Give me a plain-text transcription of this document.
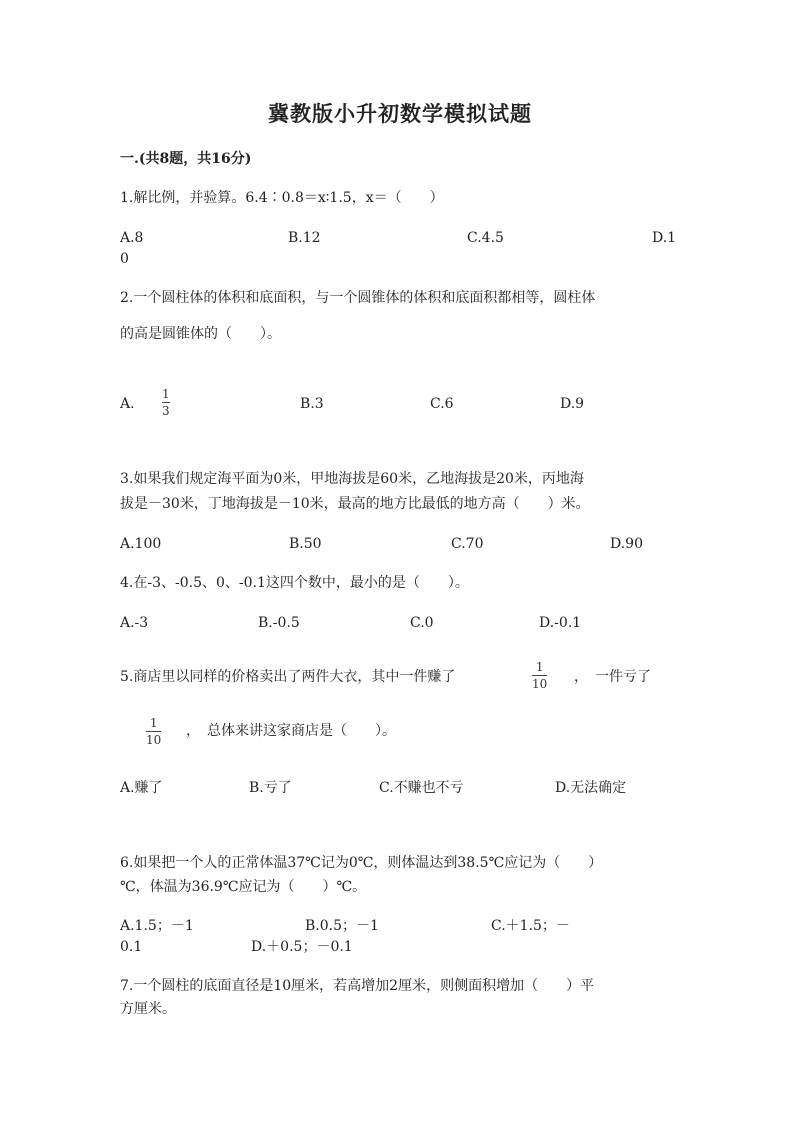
冀教版小升初数学模拟试题
一.(共8题，共16分)
1.解比例，并验算。6.4∶0.8＝x∶1.5，x＝（　　）
A.8	B.12	C.4.5	D.1
0
2.一个圆柱体的体积和底面积，与一个圆锥体的体积和底面积都相等，圆柱体
的高是圆锥体的（　　）。
A.
1
3	B.3	C.6	D.9
3.如果我们规定海平面为0米，甲地海拔是60米，乙地海拔是20米，丙地海
拔是－30米，丁地海拔是－10米，最高的地方比最低的地方高（　　）米。
A.100	B.50	C.70	D.90
4.在-3、-0.5、0、-0.1这四个数中，最小的是（　　）。
A.-3	B.-0.5	C.0	D.-0.1
5.商店里以同样的价格卖出了两件大衣，其中一件赚了
1
10 ，　一件亏了
1
10
，　总体来讲这家商店是（　　）。
A.赚了	B.亏了	C.不赚也不亏	D.无法确定
6.如果把一个人的正常体温37℃记为0℃，则体温达到38.5℃应记为（　　）
℃，体温为36.9℃应记为（　　）℃。
A.1.5；－1	B.0.5；－1	C.＋1.5；－
0.1	D.＋0.5；－0.1
7.一个圆柱的底面直径是10厘米，若高增加2厘米，则侧面积增加（　　）平
方厘米。
